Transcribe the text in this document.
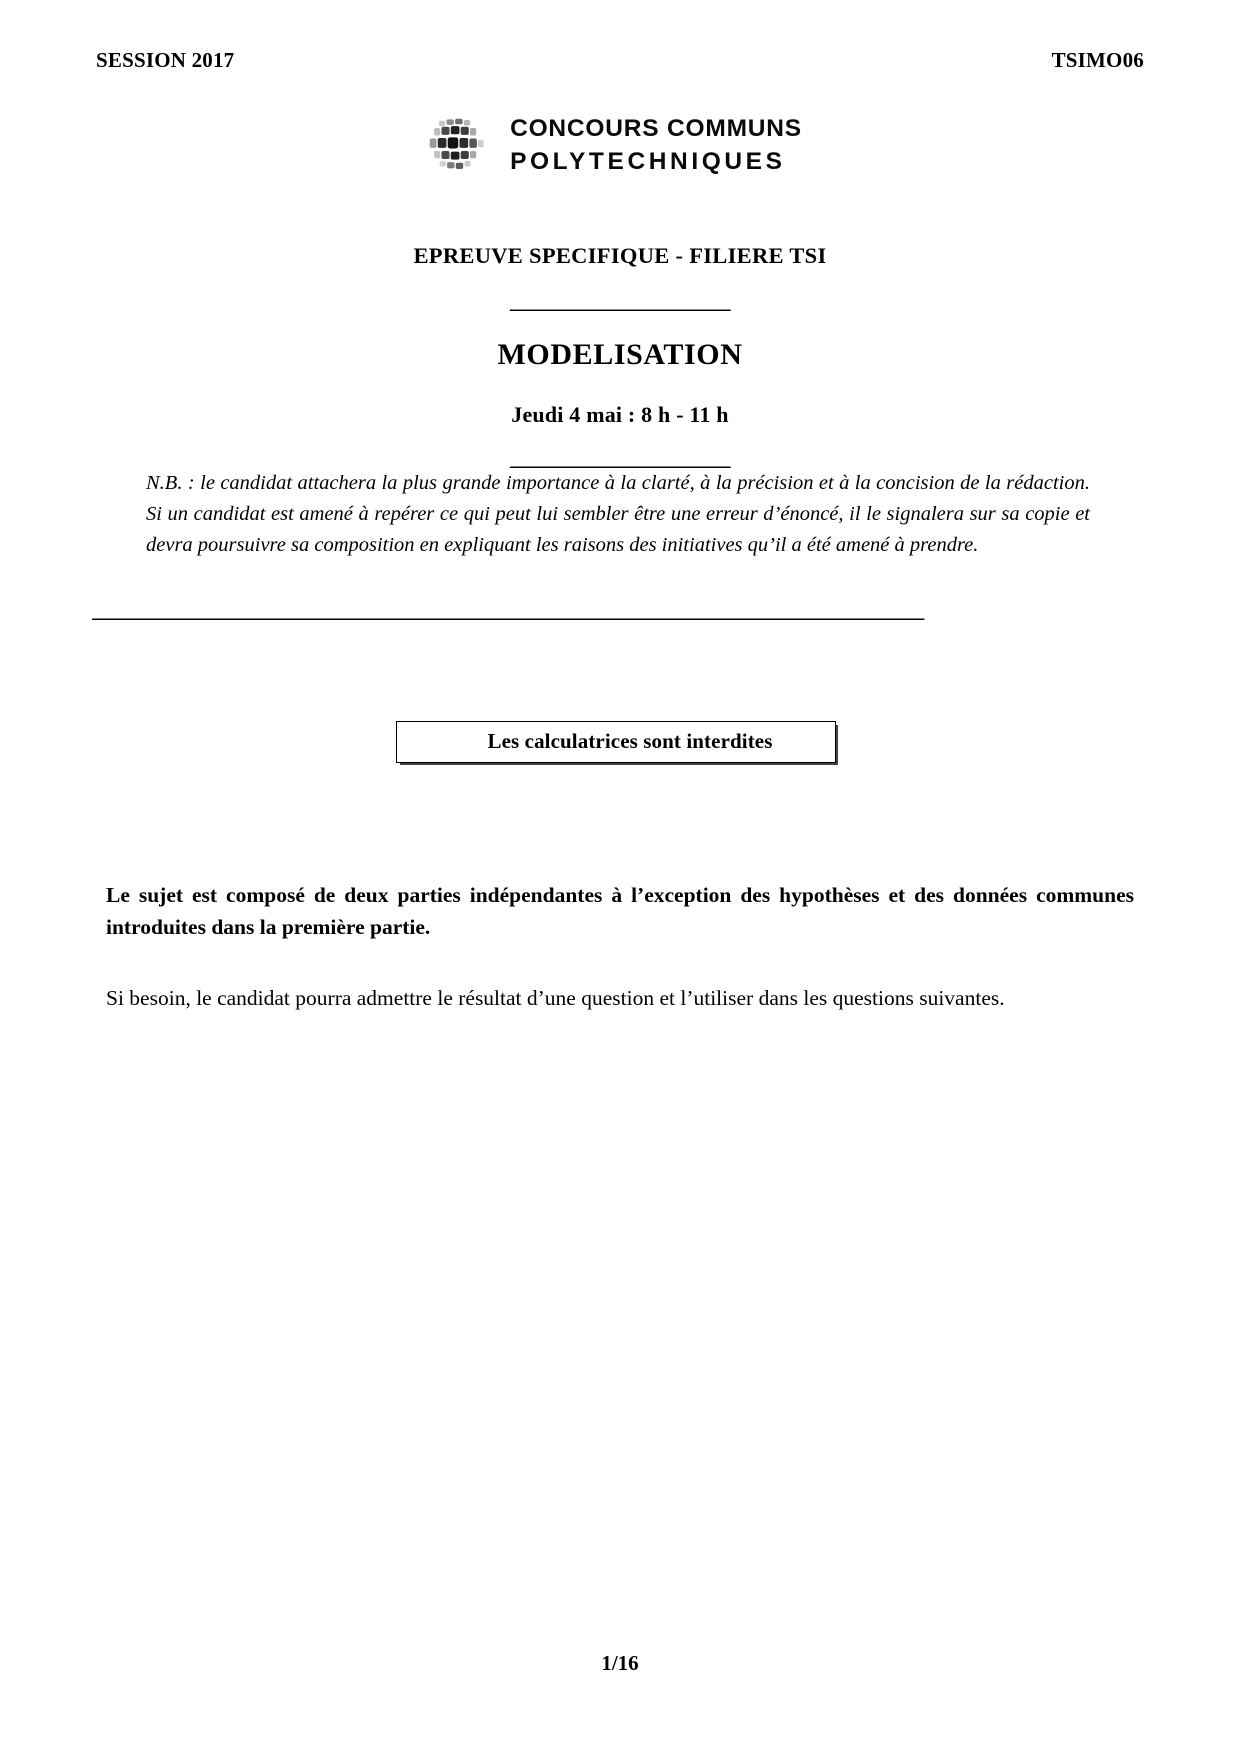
SESSION 2017	TSIMO06
CONCOURS COMMUNS
POLYTECHNIQUES
EPREUVE SPECIFIQUE - FILIERE TSI
______________________
MODELISATION
Jeudi 4 mai : 8 h - 11 h
______________________
N.B. : le candidat attachera la plus grande importance à la clarté, à la précision et à la concision de la rédaction. Si un candidat est amené à repérer ce qui peut lui sembler être une erreur d’énoncé, il le signalera sur sa copie et devra poursuivre sa composition en expliquant les raisons des initiatives qu’il a été amené à prendre.
____________________________________________________________________________________
Les calculatrices sont interdites
Le sujet est composé de deux parties indépendantes à l’exception des hypothèses et des données communes introduites dans la première partie.
Si besoin, le candidat pourra admettre le résultat d’une question et l’utiliser dans les questions suivantes.
1/16
